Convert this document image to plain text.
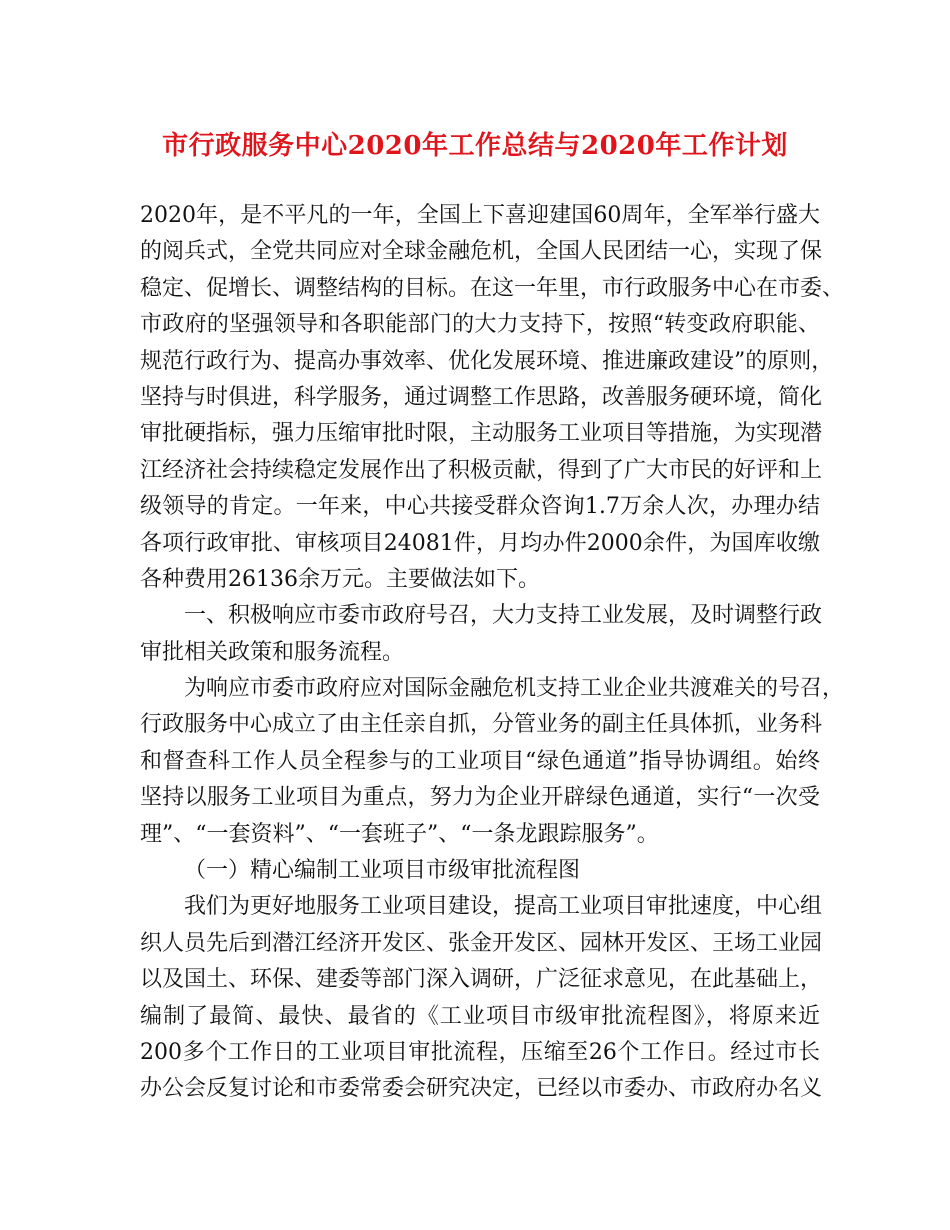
市行政服务中心2020年工作总结与2020年工作计划
2020年，是不平凡的一年，全国上下喜迎建国60周年，全军举行盛大
的阅兵式，全党共同应对全球金融危机，全国人民团结一心，实现了保
稳定、促增长、调整结构的目标。在这一年里，市行政服务中心在市委、
市政府的坚强领导和各职能部门的大力支持下，按照“转变政府职能、
规范行政行为、提高办事效率、优化发展环境、推进廉政建设”的原则，
坚持与时俱进，科学服务，通过调整工作思路，改善服务硬环境，简化
审批硬指标，强力压缩审批时限，主动服务工业项目等措施，为实现潜
江经济社会持续稳定发展作出了积极贡献，得到了广大市民的好评和上
级领导的肯定。一年来，中心共接受群众咨询1.7万余人次，办理办结
各项行政审批、审核项目24081件，月均办件2000余件，为国库收缴
各种费用26136余万元。主要做法如下。
一、积极响应市委市政府号召，大力支持工业发展，及时调整行政
审批相关政策和服务流程。
为响应市委市政府应对国际金融危机支持工业企业共渡难关的号召，
行政服务中心成立了由主任亲自抓，分管业务的副主任具体抓，业务科
和督查科工作人员全程参与的工业项目“绿色通道”指导协调组。始终
坚持以服务工业项目为重点，努力为企业开辟绿色通道，实行“一次受
理”、“一套资料”、“一套班子”、“一条龙跟踪服务”。
（一）精心编制工业项目市级审批流程图
我们为更好地服务工业项目建设，提高工业项目审批速度，中心组
织人员先后到潜江经济开发区、张金开发区、园林开发区、王场工业园
以及国土、环保、建委等部门深入调研，广泛征求意见，在此基础上，
编制了最简、最快、最省的《工业项目市级审批流程图》，将原来近
200多个工作日的工业项目审批流程，压缩至26个工作日。经过市长
办公会反复讨论和市委常委会研究决定，已经以市委办、市政府办名义
